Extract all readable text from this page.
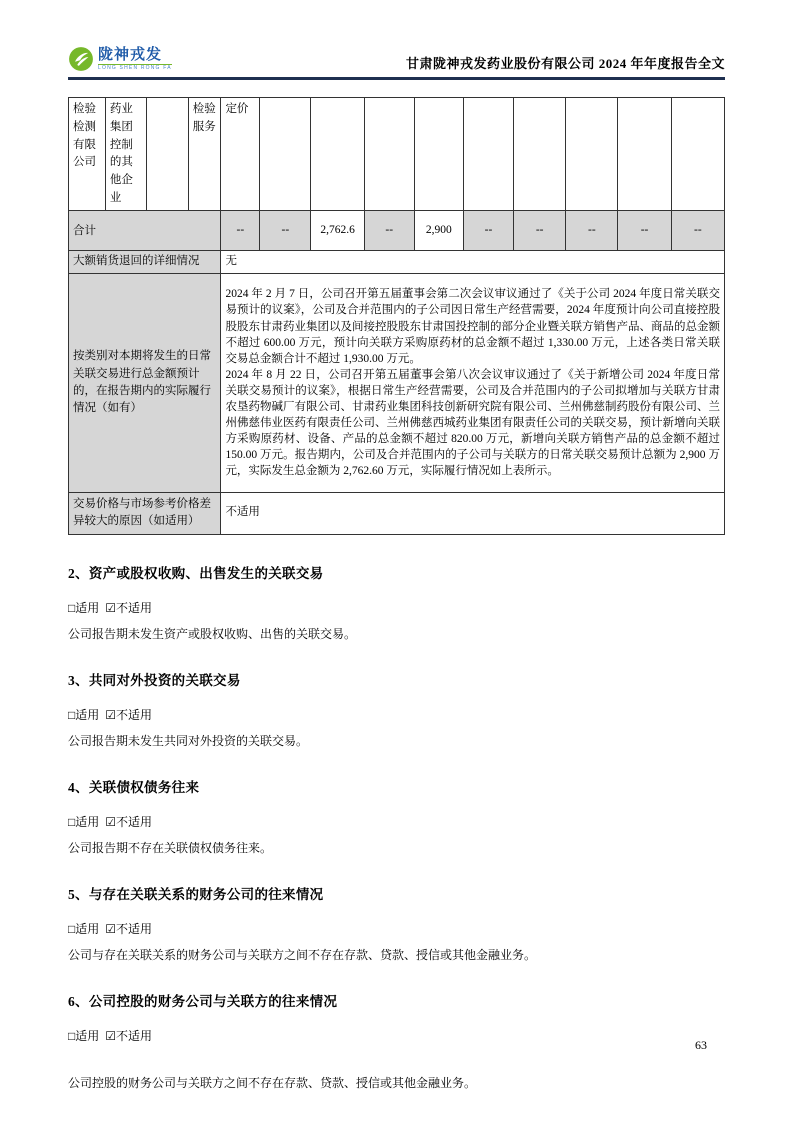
陇神戎发
LONG SHEN RONG FA	甘肃陇神戎发药业股份有限公司 2024 年年度报告全文
检验检测有限公司	药业集团控制的其他企业		检验服务	定价									
合计				--	--	2,762.6	--	2,900	--	--	--	--	--
大额销货退回的详细情况				无									
按类别对本期将发生的日常关联交易进行总金额预计的，在报告期内的实际履行情况（如有）				2024 年 2 月 7 日，公司召开第五届董事会第二次会议审议通过了《关于公司 2024 年度日常关联交易预计的议案》，公司及合并范围内的子公司因日常生产经营需要，2024 年度预计向公司直接控股股股东甘肃药业集团以及间接控股股东甘肃国投控制的部分企业暨关联方销售产品、商品的总金额不超过 600.00 万元，预计向关联方采购原药材的总金额不超过 1,330.00 万元，上述各类日常关联交易总金额合计不超过 1,930.00 万元。
2024 年 8 月 22 日，公司召开第五届董事会第八次会议审议通过了《关于新增公司 2024 年度日常关联交易预计的议案》，根据日常生产经营需要，公司及合并范围内的子公司拟增加与关联方甘肃农垦药物碱厂有限公司、甘肃药业集团科技创新研究院有限公司、兰州佛慈制药股份有限公司、兰州佛慈伟业医药有限责任公司、兰州佛慈西城药业集团有限责任公司的关联交易，预计新增向关联方采购原药材、设备、产品的总金额不超过 820.00 万元，新增向关联方销售产品的总金额不超过 150.00 万元。报告期内，公司及合并范围内的子公司与关联方的日常关联交易预计总额为 2,900 万元，实际发生总金额为 2,762.60 万元，实际履行情况如上表所示。									

交易价格与市场参考价格差异较大的原因（如适用）				不适用									
2、资产或股权收购、出售发生的关联交易
□适用 ☑不适用
公司报告期未发生资产或股权收购、出售的关联交易。
3、共同对外投资的关联交易
□适用 ☑不适用
公司报告期未发生共同对外投资的关联交易。
4、关联债权债务往来
□适用 ☑不适用
公司报告期不存在关联债权债务往来。
5、与存在关联关系的财务公司的往来情况
□适用 ☑不适用
公司与存在关联关系的财务公司与关联方之间不存在存款、贷款、授信或其他金融业务。
6、公司控股的财务公司与关联方的往来情况
□适用 ☑不适用
公司控股的财务公司与关联方之间不存在存款、贷款、授信或其他金融业务。
63
